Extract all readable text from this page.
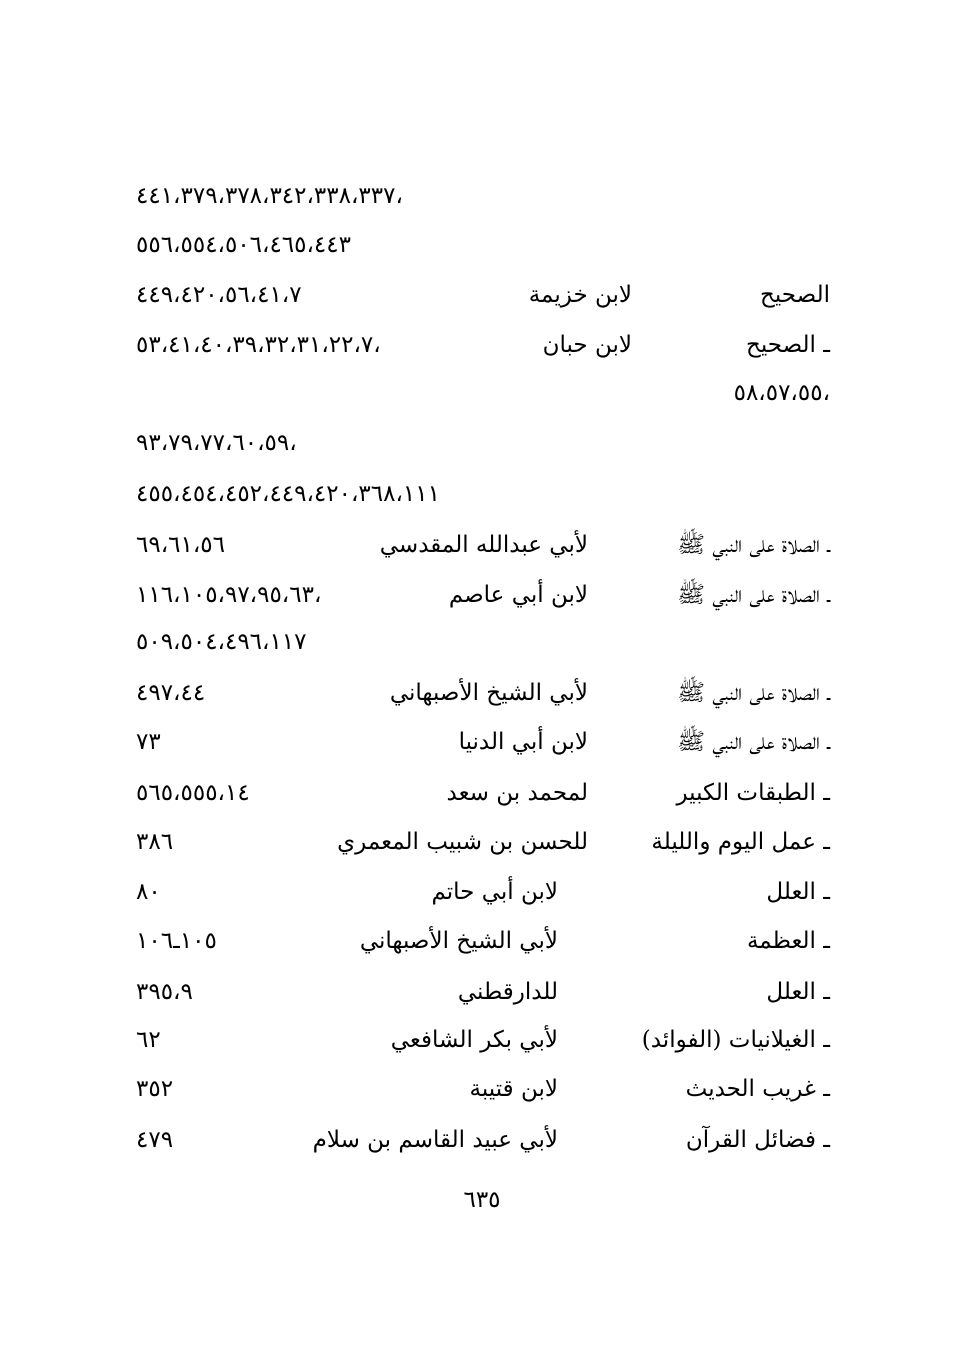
،٤٤١،٣٧٩،٣٧٨،٣٤٢،٣٣٨،٣٣٧
٥٥٦،٥٥٤،٥٠٦،٤٦٥،٤٤٣
الصحيح
لابن خزيمة
٤٤٩،٤٢٠،٥٦،٤١،٧
ـ الصحيح
لابن حبان
،٥٣،٤١،٤٠،٣٩،٣٢،٣١،٢٢،٧
،٥٨،٥٧،٥٥
،٩٣،٧٩،٧٧،٦٠،٥٩
٤٥٥،٤٥٤،٤٥٢،٤٤٩،٤٢٠،٣٦٨،١١١
ـ الصلاة على النبي ﷺ
لأبي عبدالله المقدسي
٦٩،٦١،٥٦
ـ الصلاة على النبي ﷺ
لابن أبي عاصم
،١١٦،١٠٥،٩٧،٩٥،٦٣
٥٠٩،٥٠٤،٤٩٦،١١٧
ـ الصلاة على النبي ﷺ
لأبي الشيخ الأصبهاني
٤٩٧،٤٤
ـ الصلاة على النبي ﷺ
لابن أبي الدنيا
٧٣
ـ الطبقات الكبير
لمحمد بن سعد
٥٦٥،٥٥٥،١٤
ـ عمل اليوم والليلة
للحسن بن شبيب المعمري
٣٨٦
ـ العلل
لابن أبي حاتم
٨٠
ـ العظمة
لأبي الشيخ الأصبهاني
١٠٥ـ١٠٦
ـ العلل
للدارقطني
٣٩٥،٩
ـ الغيلانيات (الفوائد)
لأبي بكر الشافعي
٦٢
ـ غريب الحديث
لابن قتيبة
٣٥٢
ـ فضائل القرآن
لأبي عبيد القاسم بن سلام
٤٧٩
٦٣٥
